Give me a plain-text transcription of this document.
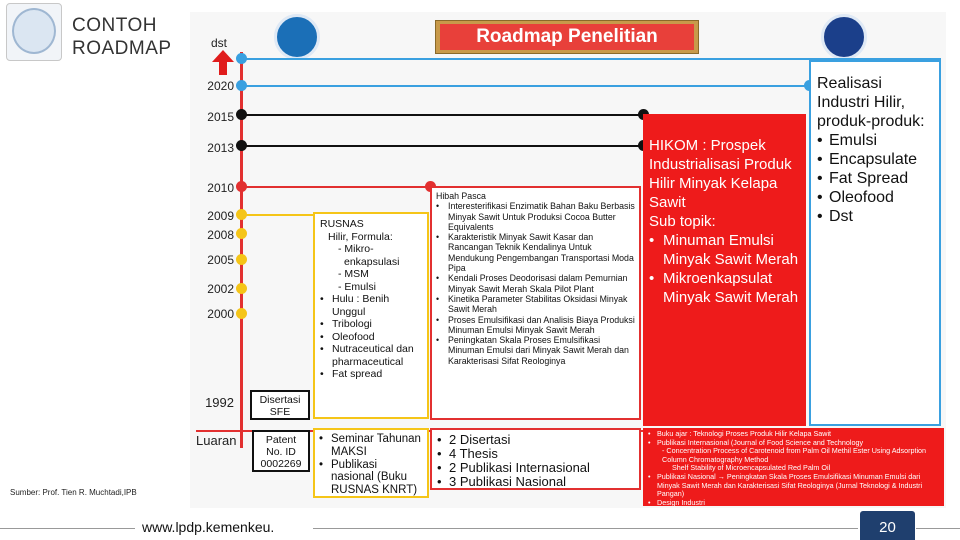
CONTOH
ROADMAP
Roadmap Penelitian
dst
2020
2015
2013
2010
2009
2008
2005
2002
2000
1992
Luaran
Disertasi
SFE
Patent
No. ID
0002269
RUSNAS
Hilir, Formula:
- Mikro-
enkapsulasi
- MSM
- Emulsi
• Hulu : Benih Unggul
• Tribologi
• Oleofood
• Nutraceutical dan pharmaceutical
• Fat spread
Hibah Pasca
• Interesterifikasi Enzimatik Bahan Baku Berbasis Minyak Sawit Untuk Produksi Cocoa Butter Equivalents
• Karakteristik Minyak Sawit Kasar dan Rancangan Teknik Kendalinya Untuk Mendukung Pengembangan Transportasi Moda Pipa
• Kendali Proses Deodorisasi dalam Pemurnian Minyak Sawit Merah Skala Pilot Plant
• Kinetika Parameter Stabilitas Oksidasi Minyak Sawit Merah
• Proses Emulsifikasi dan Analisis Biaya Produksi Minuman Emulsi Minyak Sawit Merah
• Peningkatan Skala Proses Emulsifikasi Minuman Emulsi dari Minyak Sawit Merah dan Karakterisasi Sifat Reologinya
HIKOM : Prospek Industrialisasi Produk Hilir Minyak Kelapa Sawit
Sub topik:
• Minuman Emulsi Minyak Sawit Merah
• Mikroenkapsulat Minyak Sawit Merah
Realisasi Industri Hilir, produk-produk:
• Emulsi
• Encapsulate
• Fat Spread
• Oleofood
• Dst
• Seminar Tahunan MAKSI
• Publikasi nasional (Buku RUSNAS KNRT)
• 2 Disertasi
• 4 Thesis
• 2 Publikasi Internasional
• 3 Publikasi Nasional
• Buku ajar : Teknologi Proses Produk Hilir Kelapa Sawit
• Publikasi Internasional (Journal of Food Science and Technology
- Concentration Process of Carotenoid from Palm Oil Methil Ester Using Adsorption Column Chromatography Method
Shelf Stability of Microencapsulated Red Palm Oil
• Publikasi Nasional → Peningkatan Skala Proses Emulsifikasi Minuman Emulsi dari Minyak Sawit Merah dan Karakterisasi Sifat Reologinya (Jurnal Teknologi & Industri Pangan)
• Design Industri
Sumber: Prof. Tien R. Muchtadi,IPB
www.lpdp.kemenkeu.	20
